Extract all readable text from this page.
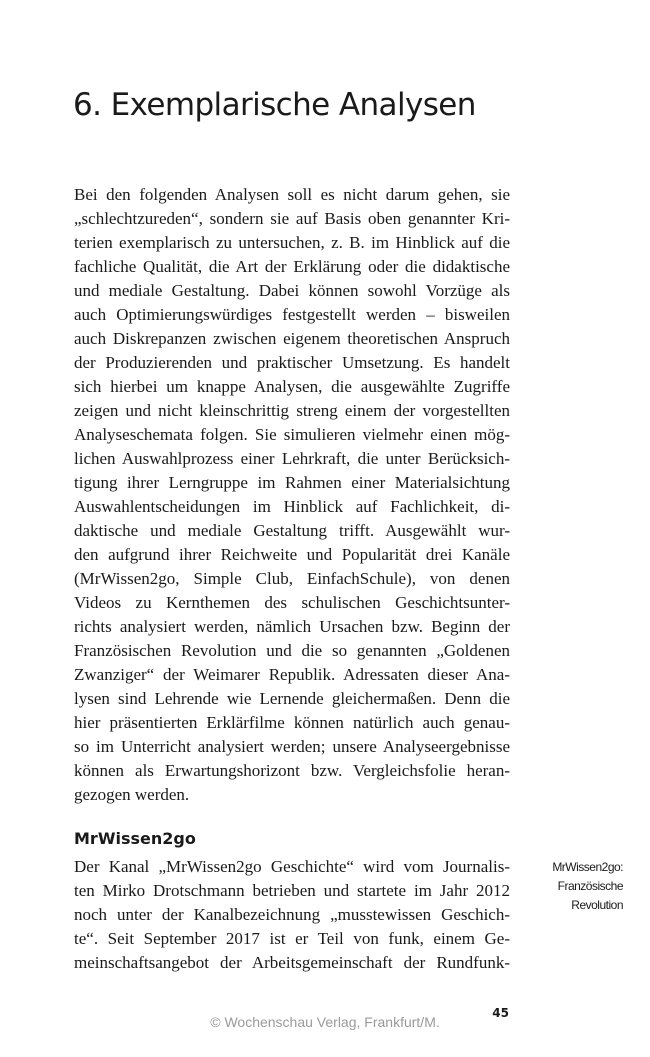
6. Exemplarische Analysen
Bei den folgenden Analysen soll es nicht darum gehen, sie
„schlechtzureden“, sondern sie auf Basis oben genannter Kri-
terien exemplarisch zu untersuchen, z. B. im Hinblick auf die
fachliche Qualität, die Art der Erklärung oder die didaktische
und mediale Gestaltung. Dabei können sowohl Vorzüge als
auch Optimierungswürdiges festgestellt werden – bisweilen
auch Diskrepanzen zwischen eigenem theoretischen Anspruch
der Produzierenden und praktischer Umsetzung. Es handelt
sich hierbei um knappe Analysen, die ausgewählte Zugriffe
zeigen und nicht kleinschrittig streng einem der vorgestellten
Analyseschemata folgen. Sie simulieren vielmehr einen mög-
lichen Auswahlprozess einer Lehrkraft, die unter Berücksich-
tigung ihrer Lerngruppe im Rahmen einer Materialsichtung
Auswahlentscheidungen im Hinblick auf Fachlichkeit, di-
daktische und mediale Gestaltung trifft. Ausgewählt wur-
den aufgrund ihrer Reichweite und Popularität drei Kanäle
(MrWissen2go, Simple Club, EinfachSchule), von denen
Videos zu Kernthemen des schulischen Geschichtsunter-
richts analysiert werden, nämlich Ursachen bzw. Beginn der
Französischen Revolution und die so genannten „Goldenen
Zwanziger“ der Weimarer Republik. Adressaten dieser Ana-
lysen sind Lehrende wie Lernende gleichermaßen. Denn die
hier präsentierten Erklärfilme können natürlich auch genau-
so im Unterricht analysiert werden; unsere Analyseergebnisse
können als Erwartungshorizont bzw. Vergleichsfolie heran-
gezogen werden.
MrWissen2go
Der Kanal „MrWissen2go Geschichte“ wird vom Journalis-
ten Mirko Drotschmann betrieben und startete im Jahr 2012
noch unter der Kanalbezeichnung „musstewissen Geschich-
te“. Seit September 2017 ist er Teil von funk, einem Ge-
meinschaftsangebot der Arbeitsgemeinschaft der Rundfunk-
MrWissen2go:
Französische
Revolution
45
© Wochenschau Verlag, Frankfurt/M.
